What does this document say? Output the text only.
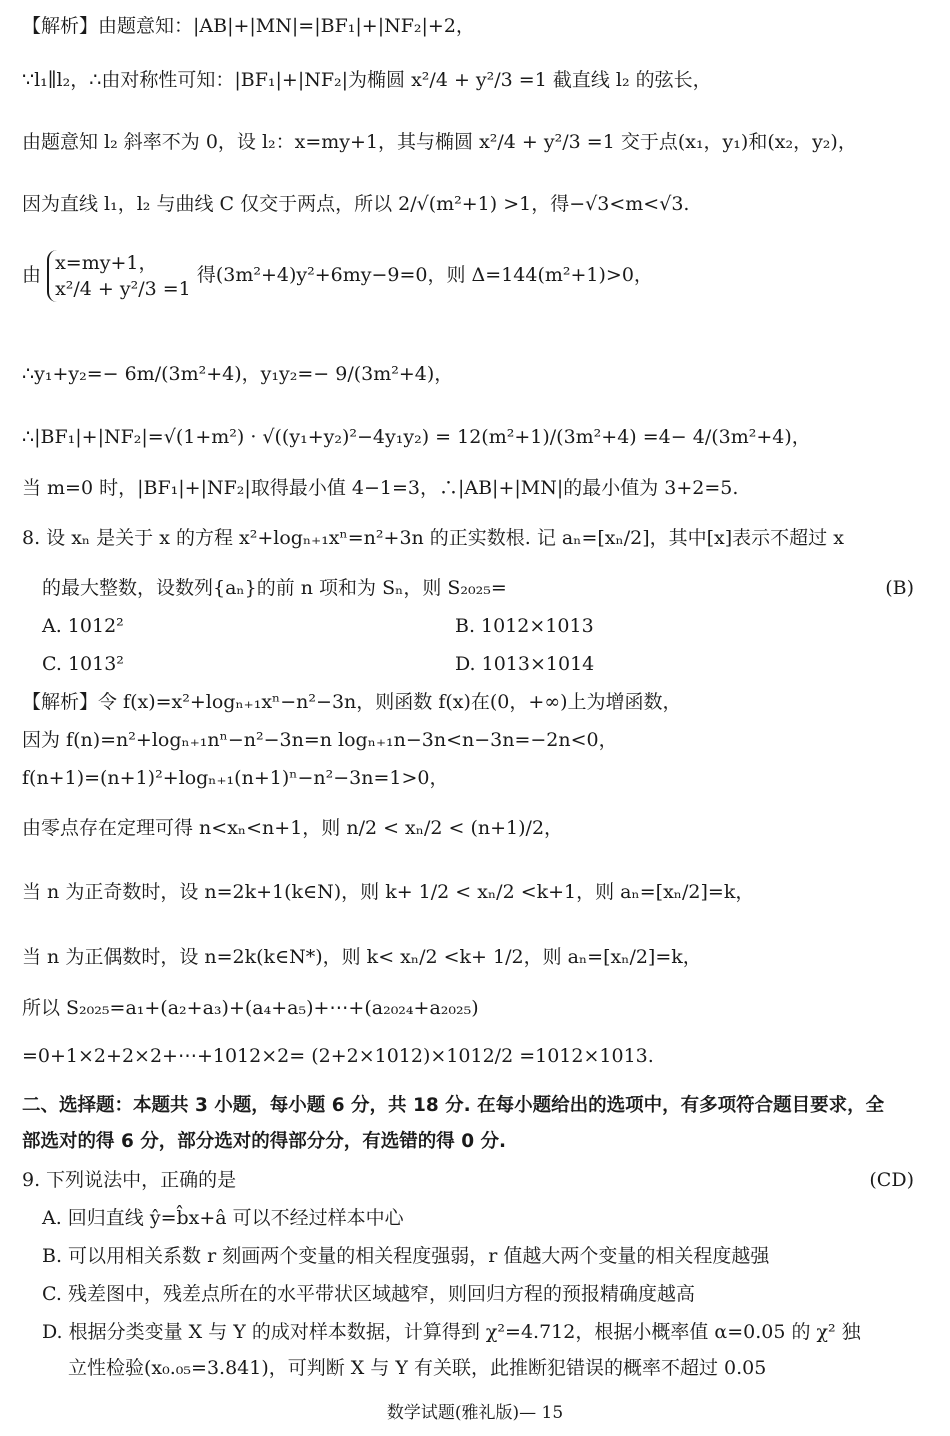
【解析】由题意知：|AB|+|MN|=|BF₁|+|NF₂|+2，
∵l₁∥l₂，∴由对称性可知：|BF₁|+|NF₂|为椭圆 x²/4 + y²/3 =1 截直线 l₂ 的弦长，
由题意知 l₂ 斜率不为 0，设 l₂：x=my+1，其与椭圆 x²/4 + y²/3 =1 交于点(x₁，y₁)和(x₂，y₂)，
因为直线 l₁，l₂ 与曲线 C 仅交于两点，所以 2/√(m²+1) >1，得−√3<m<√3.
由
x=my+1，
x²/4 + y²/3 =1
得(3m²+4)y²+6my−9=0，则 Δ=144(m²+1)>0，
∴y₁+y₂=− 6m/(3m²+4)，y₁y₂=− 9/(3m²+4)，
∴|BF₁|+|NF₂|=√(1+m²) · √((y₁+y₂)²−4y₁y₂) = 12(m²+1)/(3m²+4) =4− 4/(3m²+4)，
当 m=0 时，|BF₁|+|NF₂|取得最小值 4−1=3，∴|AB|+|MN|的最小值为 3+2=5.
8. 设 xₙ 是关于 x 的方程 x²+logₙ₊₁xⁿ=n²+3n 的正实数根. 记 aₙ=[xₙ/2]，其中[x]表示不超过 x
的最大整数，设数列{aₙ}的前 n 项和为 Sₙ，则 S₂₀₂₅=	(B)
A. 1012²	B. 1012×1013
C. 1013²	D. 1013×1014
【解析】令 f(x)=x²+logₙ₊₁xⁿ−n²−3n，则函数 f(x)在(0，+∞)上为增函数，
因为 f(n)=n²+logₙ₊₁nⁿ−n²−3n=n logₙ₊₁n−3n<n−3n=−2n<0，
f(n+1)=(n+1)²+logₙ₊₁(n+1)ⁿ−n²−3n=1>0，
由零点存在定理可得 n<xₙ<n+1，则 n/2 < xₙ/2 < (n+1)/2，
当 n 为正奇数时，设 n=2k+1(k∈N)，则 k+ 1/2 < xₙ/2 <k+1，则 aₙ=[xₙ/2]=k，
当 n 为正偶数时，设 n=2k(k∈N*)，则 k< xₙ/2 <k+ 1/2，则 aₙ=[xₙ/2]=k，
所以 S₂₀₂₅=a₁+(a₂+a₃)+(a₄+a₅)+⋯+(a₂₀₂₄+a₂₀₂₅)
=0+1×2+2×2+⋯+1012×2= (2+2×1012)×1012/2 =1012×1013.
二、选择题：本题共 3 小题，每小题 6 分，共 18 分. 在每小题给出的选项中，有多项符合题目要求，全
部选对的得 6 分，部分选对的得部分分，有选错的得 0 分.
9. 下列说法中，正确的是	(CD)
A. 回归直线 ŷ=b̂x+â 可以不经过样本中心
B. 可以用相关系数 r 刻画两个变量的相关程度强弱，r 值越大两个变量的相关程度越强
C. 残差图中，残差点所在的水平带状区域越窄，则回归方程的预报精确度越高
D. 根据分类变量 X 与 Y 的成对样本数据，计算得到 χ²=4.712，根据小概率值 α=0.05 的 χ² 独
立性检验(x₀.₀₅=3.841)，可判断 X 与 Y 有关联，此推断犯错误的概率不超过 0.05
数学试题(雅礼版)— 15
